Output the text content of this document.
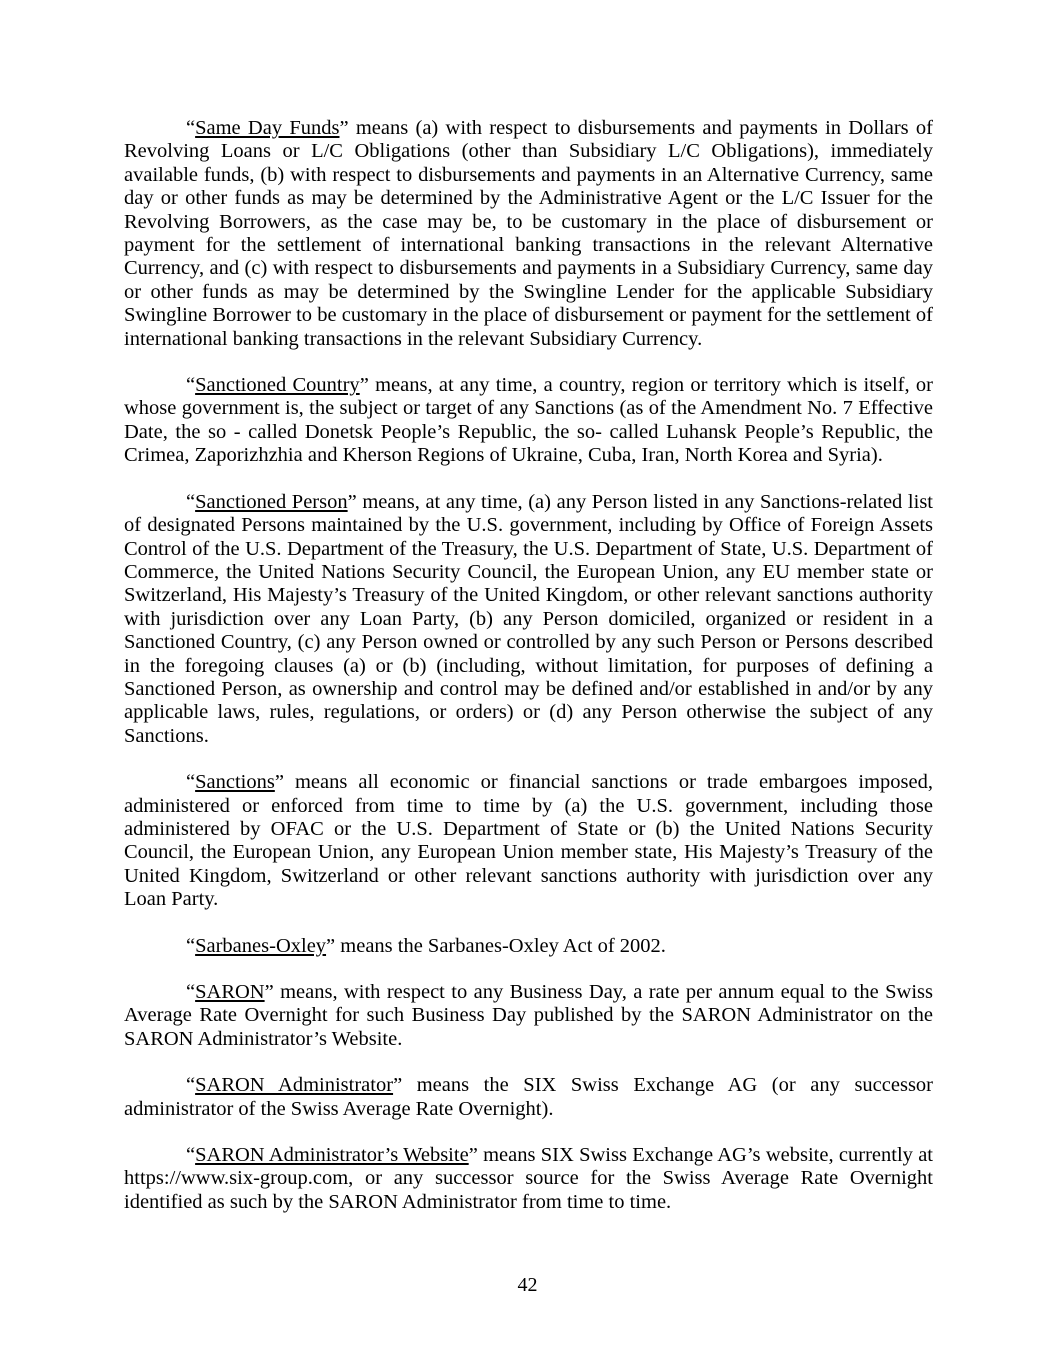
“Same Day Funds” means (a) with respect to disbursements and payments in Dollars of Revolving Loans or L/C Obligations (other than Subsidiary L/C Obligations), immediately available funds, (b) with respect to disbursements and payments in an Alternative Currency, same day or other funds as may be determined by the Administrative Agent or the L/C Issuer for the Revolving Borrowers, as the case may be, to be customary in the place of disbursement or payment for the settlement of international banking transactions in the relevant Alternative Currency, and (c) with respect to disbursements and payments in a Subsidiary Currency, same day or other funds as may be determined by the Swingline Lender for the applicable Subsidiary Swingline Borrower to be customary in the place of disbursement or payment for the settlement of international banking transactions in the relevant Subsidiary Currency.

“Sanctioned Country” means, at any time, a country, region or territory which is itself, or whose government is, the subject or target of any Sanctions (as of the Amendment No. 7 Effective Date, the so - called Donetsk People’s Republic, the so- called Luhansk People’s Republic, the Crimea, Zaporizhzhia and Kherson Regions of Ukraine, Cuba, Iran, North Korea and Syria).

“Sanctioned Person” means, at any time, (a) any Person listed in any Sanctions-related list of designated Persons maintained by the U.S. government, including by Office of Foreign Assets Control of the U.S. Department of the Treasury, the U.S. Department of State, U.S. Department of Commerce, the United Nations Security Council, the European Union, any EU member state or Switzerland, His Majesty’s Treasury of the United Kingdom, or other relevant sanctions authority with jurisdiction over any Loan Party, (b) any Person domiciled, organized or resident in a Sanctioned Country, (c) any Person owned or controlled by any such Person or Persons described in the foregoing clauses (a) or (b) (including, without limitation, for purposes of defining a Sanctioned Person, as ownership and control may be defined and/or established in and/or by any applicable laws, rules, regulations, or orders) or (d) any Person otherwise the subject of any Sanctions.

“Sanctions” means all economic or financial sanctions or trade embargoes imposed, administered or enforced from time to time by (a) the U.S. government, including those administered by OFAC or the U.S. Department of State or (b) the United Nations Security Council, the European Union, any European Union member state, His Majesty’s Treasury of the United Kingdom, Switzerland or other relevant sanctions authority with jurisdiction over any Loan Party.

“Sarbanes-Oxley” means the Sarbanes-Oxley Act of 2002.

“SARON” means, with respect to any Business Day, a rate per annum equal to the Swiss Average Rate Overnight for such Business Day published by the SARON Administrator on the SARON Administrator’s Website.

“SARON Administrator” means the SIX Swiss Exchange AG (or any successor administrator of the Swiss Average Rate Overnight).

“SARON Administrator’s Website” means SIX Swiss Exchange AG’s website, currently at https://www.six-group.com, or any successor source for the Swiss Average Rate Overnight identified as such by the SARON Administrator from time to time.

42
